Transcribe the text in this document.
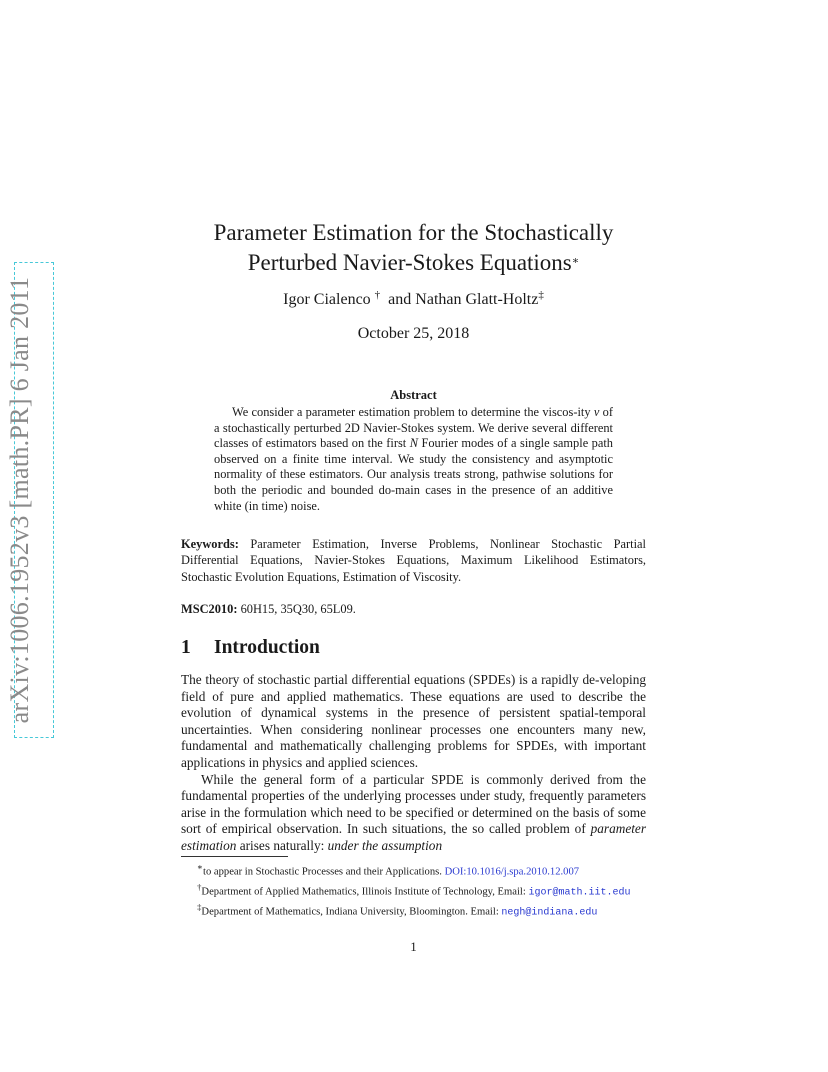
arXiv:1006.1952v3 [math.PR] 6 Jan 2011
Parameter Estimation for the Stochastically
Perturbed Navier-Stokes Equations∗
Igor Cialenco † and Nathan Glatt-Holtz‡
October 25, 2018
Abstract
We consider a parameter estimation problem to determine the viscos-ity ν of a stochastically perturbed 2D Navier-Stokes system. We derive several different classes of estimators based on the first N Fourier modes of a single sample path observed on a finite time interval. We study the consistency and asymptotic normality of these estimators. Our analysis treats strong, pathwise solutions for both the periodic and bounded do-main cases in the presence of an additive white (in time) noise.
Keywords: Parameter Estimation, Inverse Problems, Nonlinear Stochastic Partial Differential Equations, Navier-Stokes Equations, Maximum Likelihood Estimators, Stochastic Evolution Equations, Estimation of Viscosity.
MSC2010: 60H15, 35Q30, 65L09.
1 Introduction

The theory of stochastic partial differential equations (SPDEs) is a rapidly de-veloping field of pure and applied mathematics. These equations are used to describe the evolution of dynamical systems in the presence of persistent spatial-temporal uncertainties. When considering nonlinear processes one encounters many new, fundamental and mathematically challenging problems for SPDEs, with important applications in physics and applied sciences.

While the general form of a particular SPDE is commonly derived from the fundamental properties of the underlying processes under study, frequently parameters arise in the formulation which need to be specified or determined on the basis of some sort of empirical observation. In such situations, the so called problem of parameter estimation arises naturally: under the assumption

∗to appear in Stochastic Processes and their Applications. DOI:10.1016/j.spa.2010.12.007
†Department of Applied Mathematics, Illinois Institute of Technology, Email: igor@math.iit.edu
‡Department of Mathematics, Indiana University, Bloomington. Email: negh@indiana.edu
1
